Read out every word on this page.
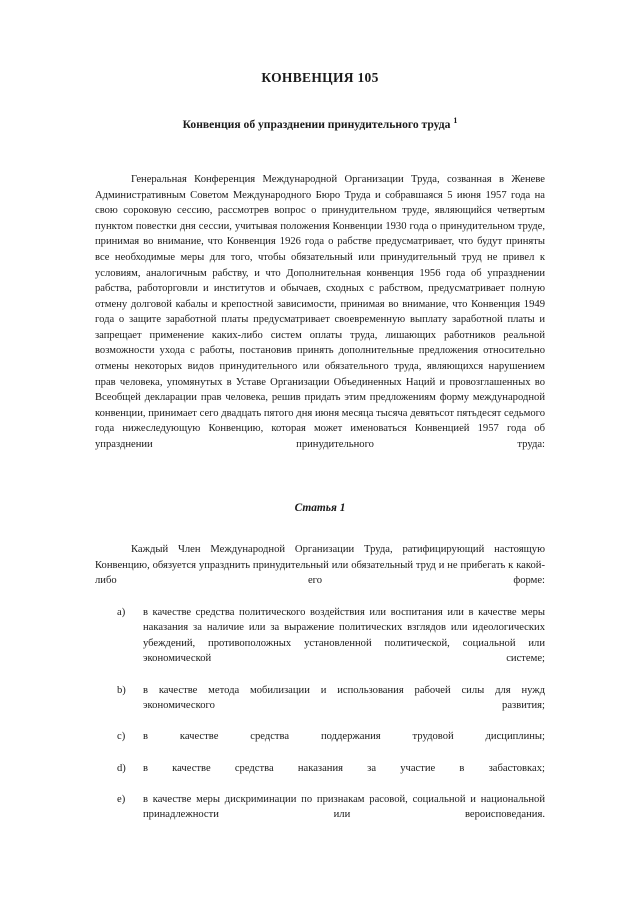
КОНВЕНЦИЯ 105
Конвенция об упразднении принудительного труда $^1$

Генеральная Конференция Международной Организации Труда, созванная в Женеве Административным Советом Международного Бюро Труда и собравшаяся 5 июня 1957 года на свою сороковую сессию, рассмотрев вопрос о принудительном труде, являющийся четвертым пунктом повестки дня сессии, учитывая положения Конвенции 1930 года о принудительном труде, принимая во внимание, что Конвенция 1926 года о рабстве предусматривает, что будут приняты все необходимые меры для того, чтобы обязательный или принудительный труд не привел к условиям, аналогичным рабству, и что Дополнительная конвенция 1956 года об упразднении рабства, работорговли и институтов и обычаев, сходных с рабством, предусматривает полную отмену долговой кабалы и крепостной зависимости, принимая во внимание, что Конвенция 1949 года о защите заработной платы предусматривает своевременную выплату заработной платы и запрещает применение каких-либо систем оплаты труда, лишающих работников реальной возможности ухода с работы, постановив принять дополнительные предложения относительно отмены некоторых видов принудительного или обязательного труда, являющихся нарушением прав человека, упомянутых в Уставе Организации Объединенных Наций и провозглашенных во Всеобщей декларации прав человека, решив придать этим предложениям форму международной конвенции, принимает сего двадцать пятого дня июня месяца тысяча девятьсот пятьдесят седьмого года нижеследующую Конвенцию, которая может именоваться Конвенцией 1957 года об упразднении принудительного труда:

Статья 1

Каждый Член Международной Организации Труда, ратифицирующий настоящую Конвенцию, обязуется упразднить принудительный или обязательный труд и не прибегать к какой-либо его форме:

a)	в качестве средства политического воздействия или воспитания или в качестве меры наказания за наличие или за выражение политических взглядов или идеологических убеждений, противоположных установленной политической, социальной или экономической системе;
b)	в качестве метода мобилизации и использования рабочей силы для нужд экономического развития;
c)	в качестве средства поддержания трудовой дисциплины;
d)	в качестве средства наказания за участие в забастовках;
e)	в качестве меры дискриминации по признакам расовой, социальной и национальной принадлежности или вероисповедания.
